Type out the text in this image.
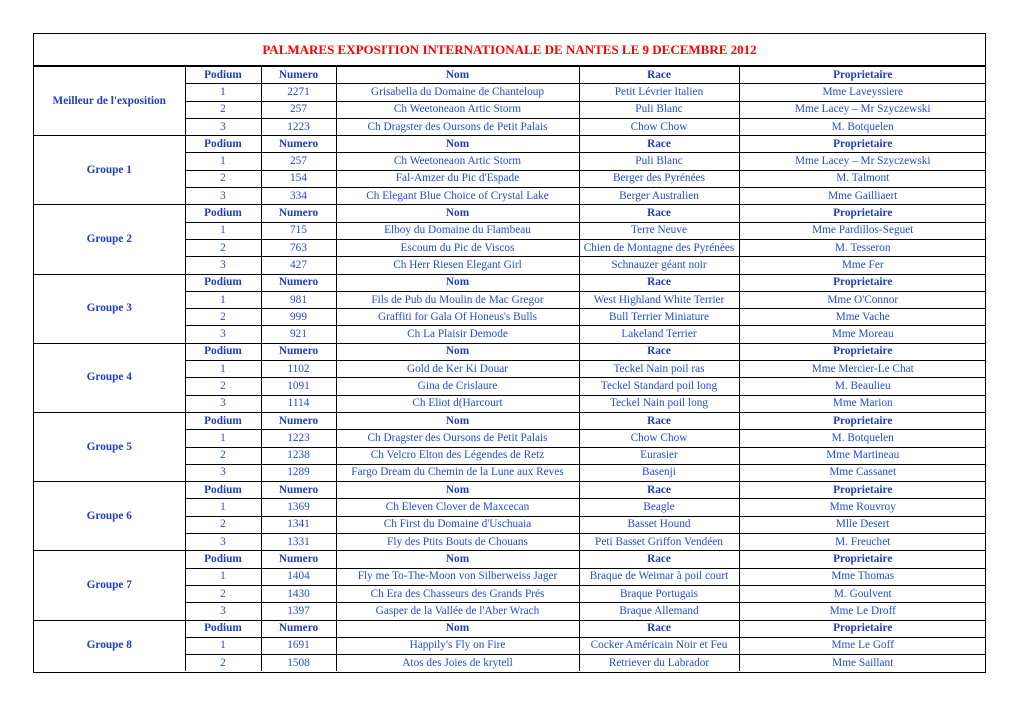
PALMARES EXPOSITION INTERNATIONALE DE NANTES LE 9 DECEMBRE 2012
Meilleur de l'exposition	Podium	Numero	Nom	Race	Proprietaire
	1	2271	Grisabella du Domaine de Chanteloup	Petit Lévrier Italien	Mme Laveyssiere
	2	257	Ch Weetoneaon Artic Storm	Puli Blanc	Mme Lacey – Mr Szyczewski
	3	1223	Ch Dragster des Oursons de Petit Palais	Chow Chow	M. Botquelen
Groupe 1	Podium	Numero	Nom	Race	Proprietaire
	1	257	Ch Weetoneaon Artic Storm	Puli Blanc	Mme Lacey – Mr Szyczewski
	2	154	Fal-Amzer du Pic d'Espade	Berger des Pyrénées	M. Talmont
	3	334	Ch Elegant Blue Choice of Crystal Lake	Berger Australien	Mme Gailliaert
Groupe 2	Podium	Numero	Nom	Race	Proprietaire
	1	715	Elboy du Domaine du Flambeau	Terre Neuve	Mme Pardillos-Seguet
	2	763	Escoum du Pic de Viscos	Chien de Montagne des Pyrénées	M. Tesseron
	3	427	Ch Herr Riesen Elegant Girl	Schnauzer géant noir	Mme Fer
Groupe 3	Podium	Numero	Nom	Race	Proprietaire
	1	981	Fils de Pub du Moulin de Mac Gregor	West Highland White Terrier	Mme O'Connor
	2	999	Graffiti for Gala Of Honeus's Bulls	Bull Terrier Miniature	Mme Vache
	3	921	Ch La Plaisir Demode	Lakeland Terrier	Mme Moreau
Groupe 4	Podium	Numero	Nom	Race	Proprietaire
	1	1102	Gold de Ker Ki Douar	Teckel Nain poil ras	Mme Mercier-Le Chat
	2	1091	Gina de Crislaure	Teckel Standard poil long	M. Beaulieu
	3	1114	Ch Eliot d(Harcourt	Teckel Nain poil long	Mme Marion
Groupe 5	Podium	Numero	Nom	Race	Proprietaire
	1	1223	Ch Dragster des Oursons de Petit Palais	Chow Chow	M. Botquelen
	2	1238	Ch Velcro Elton des Légendes de Retz	Eurasier	Mme Martineau
	3	1289	Fargo Dream du Chemin de la Lune aux Reves	Basenji	Mme Cassanet
Groupe 6	Podium	Numero	Nom	Race	Proprietaire
	1	1369	Ch Eleven Clover de Maxcecan	Beagle	Mme Rouvroy
	2	1341	Ch First du Domaine d'Uschuaia	Basset Hound	Mlle Desert
	3	1331	Fly des Ptits Bouts de Chouans	Peti Basset Griffon Vendéen	M. Freuchet
Groupe 7	Podium	Numero	Nom	Race	Proprietaire
	1	1404	Fly me To-The-Moon von Silberweiss Jager	Braque de Weimar à poil court	Mme Thomas
	2	1430	Ch Era des Chasseurs des Grands Prés	Braque Portugais	M. Goulvent
	3	1397	Gasper de la Vallée de l'Aber Wrach	Braque Allemand	Mme Le Droff
Groupe 8	Podium	Numero	Nom	Race	Proprietaire
	1	1691	Happily's Fly on Fire	Cocker Américain Noir et Feu	Mme Le Goff
	2	1508	Atos des Joies de krytell	Retriever du Labrador	Mme Saillant
